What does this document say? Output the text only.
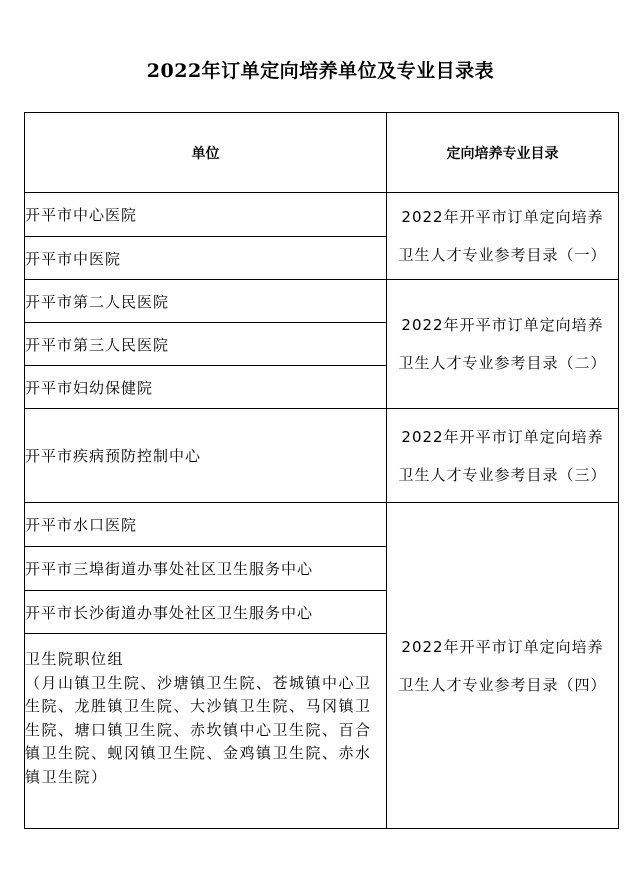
2022年订单定向培养单位及专业目录表
单位	定向培养专业目录
开平市中心医院	2022年开平市订单定向培养
卫生人才专业参考目录（一）

开平市中医院	
开平市第二人民医院	2022年开平市订单定向培养
卫生人才专业参考目录（二）

开平市第三人民医院	
开平市妇幼保健院	
开平市疾病预防控制中心	2022年开平市订单定向培养
卫生人才专业参考目录（三）

开平市水口医院	2022年开平市订单定向培养
卫生人才专业参考目录（四）

开平市三埠街道办事处社区卫生服务中心	
开平市长沙街道办事处社区卫生服务中心	
卫生院职位组
（月山镇卫生院、沙塘镇卫生院、苍城镇中心卫生院、龙胜镇卫生院、大沙镇卫生院、马冈镇卫生院、塘口镇卫生院、赤坎镇中心卫生院、百合镇卫生院、蚬冈镇卫生院、金鸡镇卫生院、赤水镇卫生院）	
